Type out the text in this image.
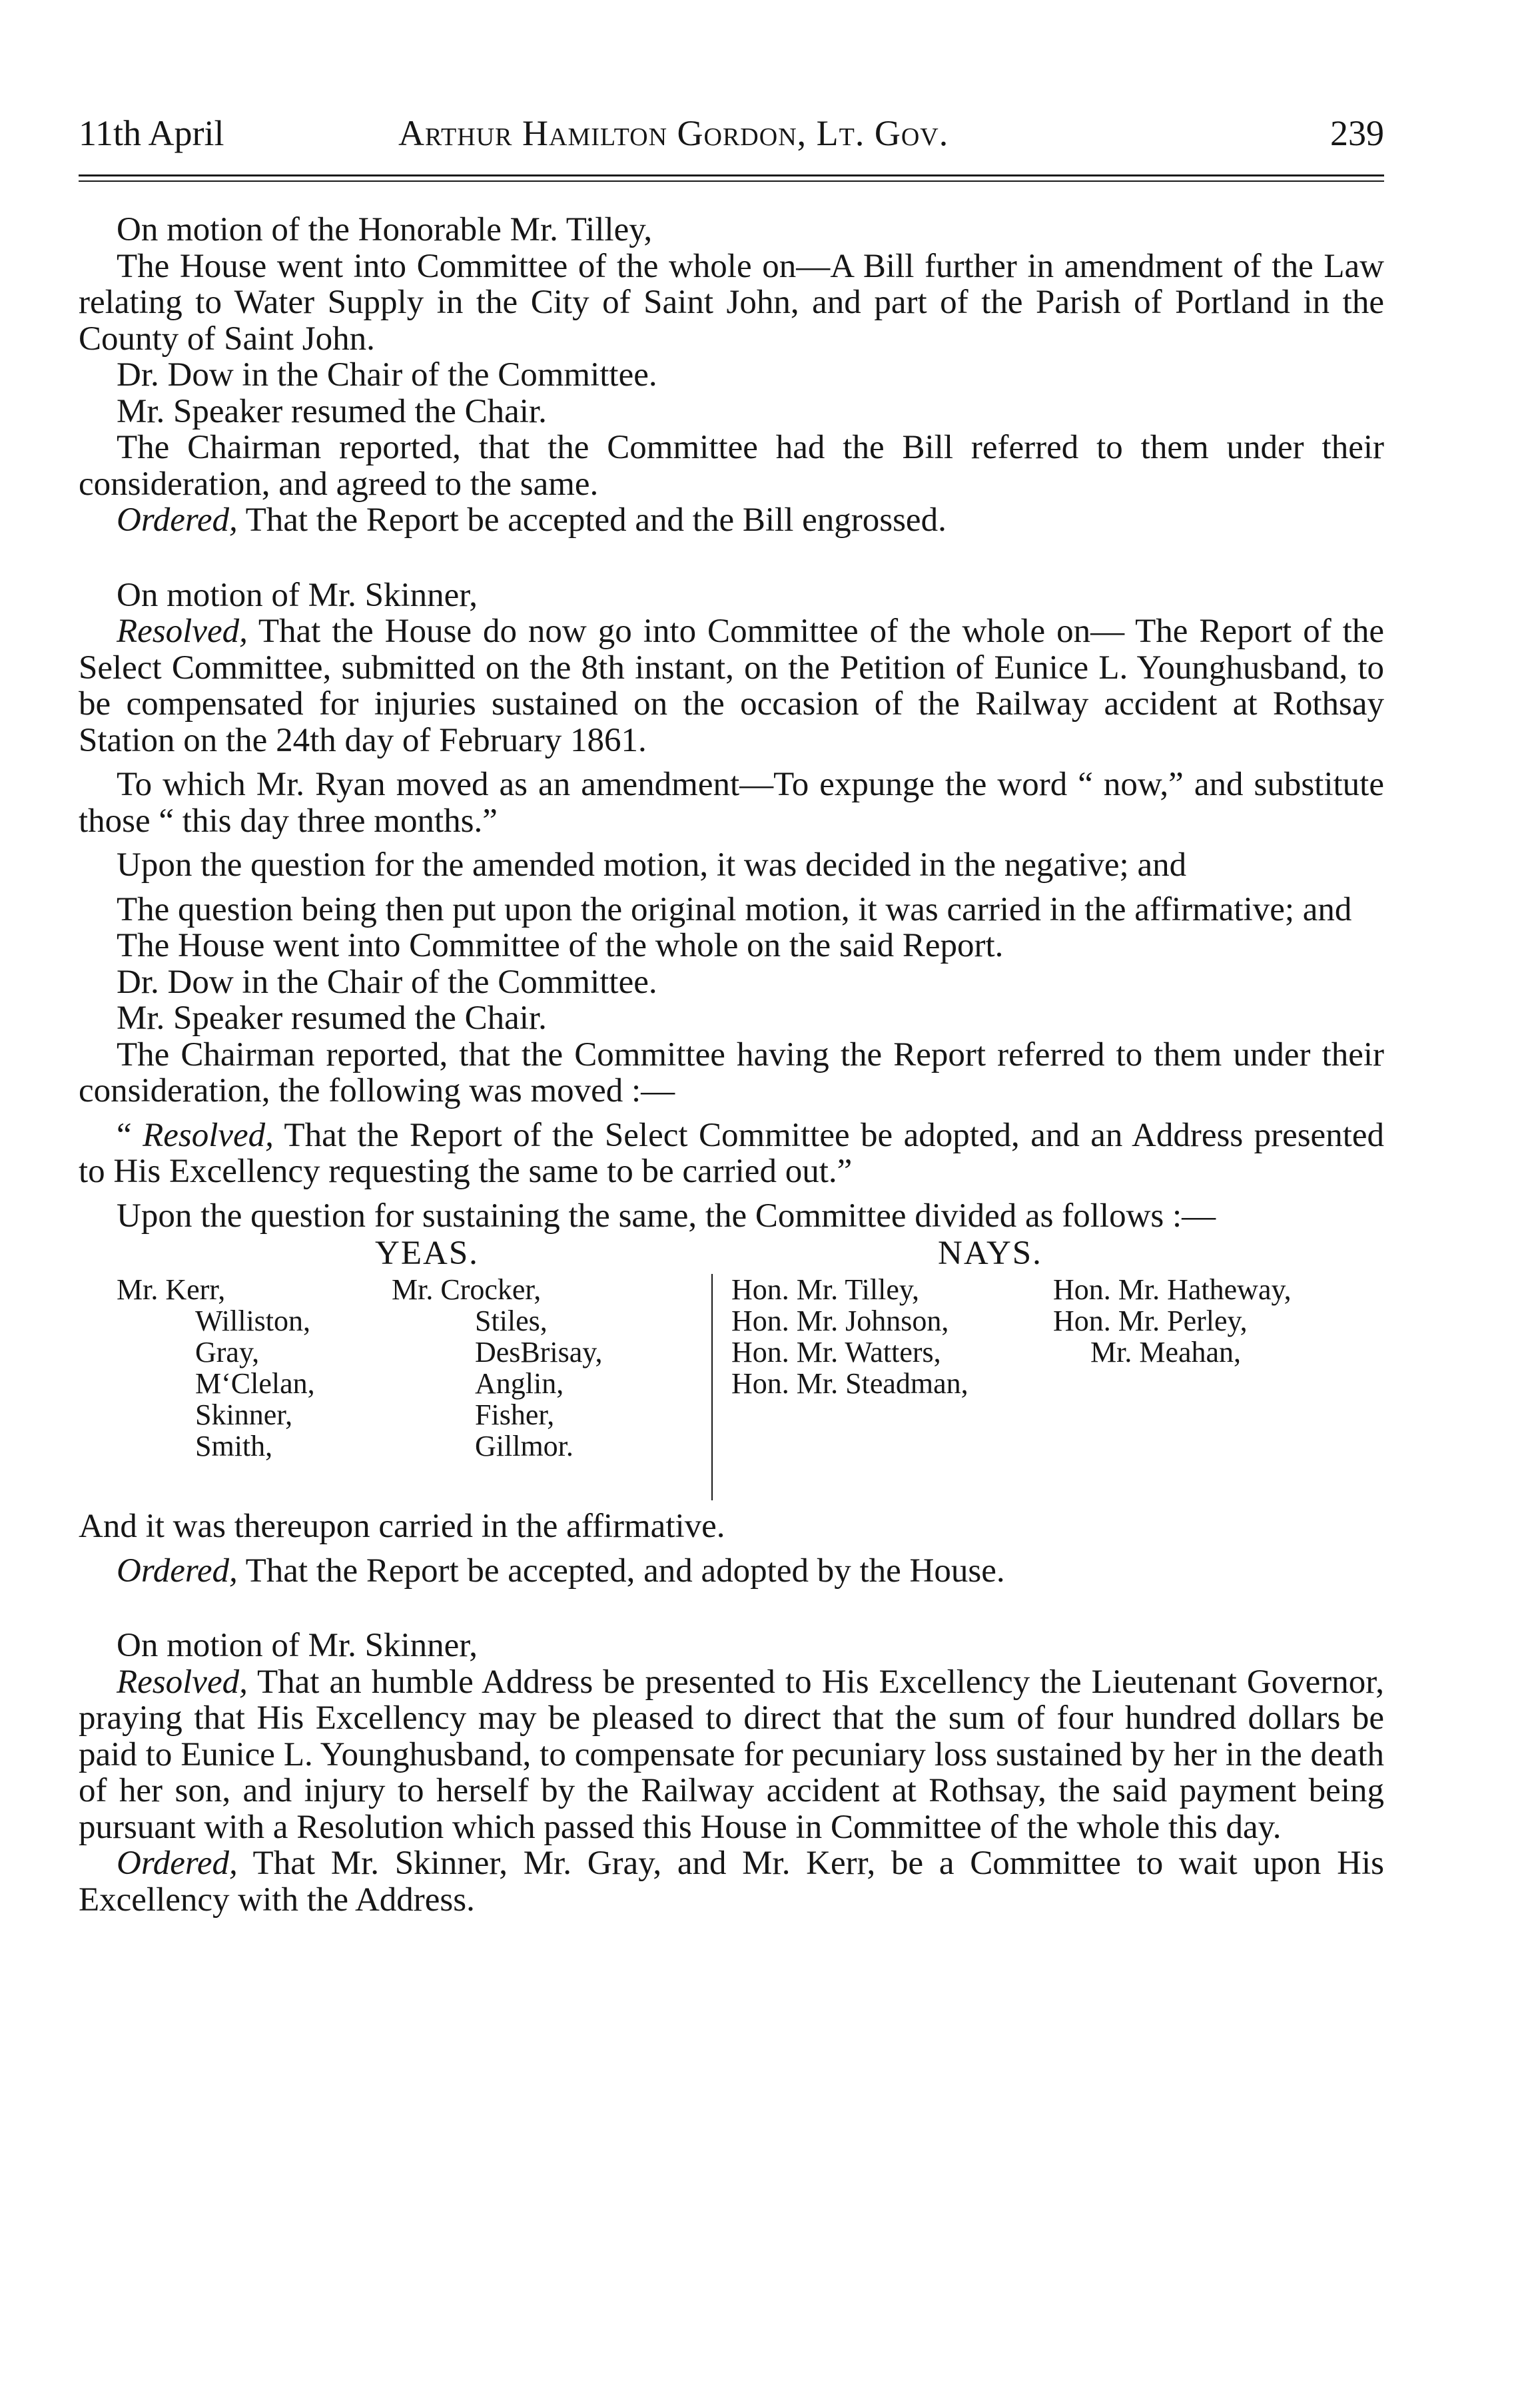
11th April	Arthur Hamilton Gordon, Lt. Gov.	239

On motion of the Honorable Mr. Tilley,

The House went into Committee of the whole on—A Bill further in amendment of the Law relating to Water Supply in the City of Saint John, and part of the Parish of Portland in the County of Saint John.

Dr. Dow in the Chair of the Committee.

Mr. Speaker resumed the Chair.

The Chairman reported, that the Committee had the Bill referred to them under their consideration, and agreed to the same.

Ordered, That the Report be accepted and the Bill engrossed.

On motion of Mr. Skinner,

Resolved, That the House do now go into Committee of the whole on— The Report of the Select Committee, submitted on the 8th instant, on the Petition of Eunice L. Younghusband, to be compensated for injuries sustained on the occasion of the Railway accident at Rothsay Station on the 24th day of February 1861.

To which Mr. Ryan moved as an amendment—To expunge the word “ now,” and substitute those “ this day three months.”

Upon the question for the amended motion, it was decided in the negative; and

The question being then put upon the original motion, it was carried in the affirmative; and

The House went into Committee of the whole on the said Report.

Dr. Dow in the Chair of the Committee.

Mr. Speaker resumed the Chair.

The Chairman reported, that the Committee having the Report referred to them under their consideration, the following was moved :—

“ Resolved, That the Report of the Select Committee be adopted, and an Address presented to His Excellency requesting the same to be carried out.”

Upon the question for sustaining the same, the Committee divided as follows :—

YEAS.	NAYS.
Mr. Kerr,
Williston,
Gray,
M‘Clelan,
Skinner,
Smith,
Mr. Crocker,
Stiles,
DesBrisay,
Anglin,
Fisher,
Gillmor.
Hon. Mr. Tilley,
Hon. Mr. Johnson,
Hon. Mr. Watters,
Hon. Mr. Steadman,
Hon. Mr. Hatheway,
Hon. Mr. Perley,
Mr. Meahan,

And it was thereupon carried in the affirmative.

Ordered, That the Report be accepted, and adopted by the House.

On motion of Mr. Skinner,

Resolved, That an humble Address be presented to His Excellency the Lieutenant Governor, praying that His Excellency may be pleased to direct that the sum of four hundred dollars be paid to Eunice L. Younghusband, to compensate for pecuniary loss sustained by her in the death of her son, and injury to herself by the Railway accident at Rothsay, the said payment being pursuant with a Resolution which passed this House in Committee of the whole this day.

Ordered, That Mr. Skinner, Mr. Gray, and Mr. Kerr, be a Committee to wait upon His Excellency with the Address.
